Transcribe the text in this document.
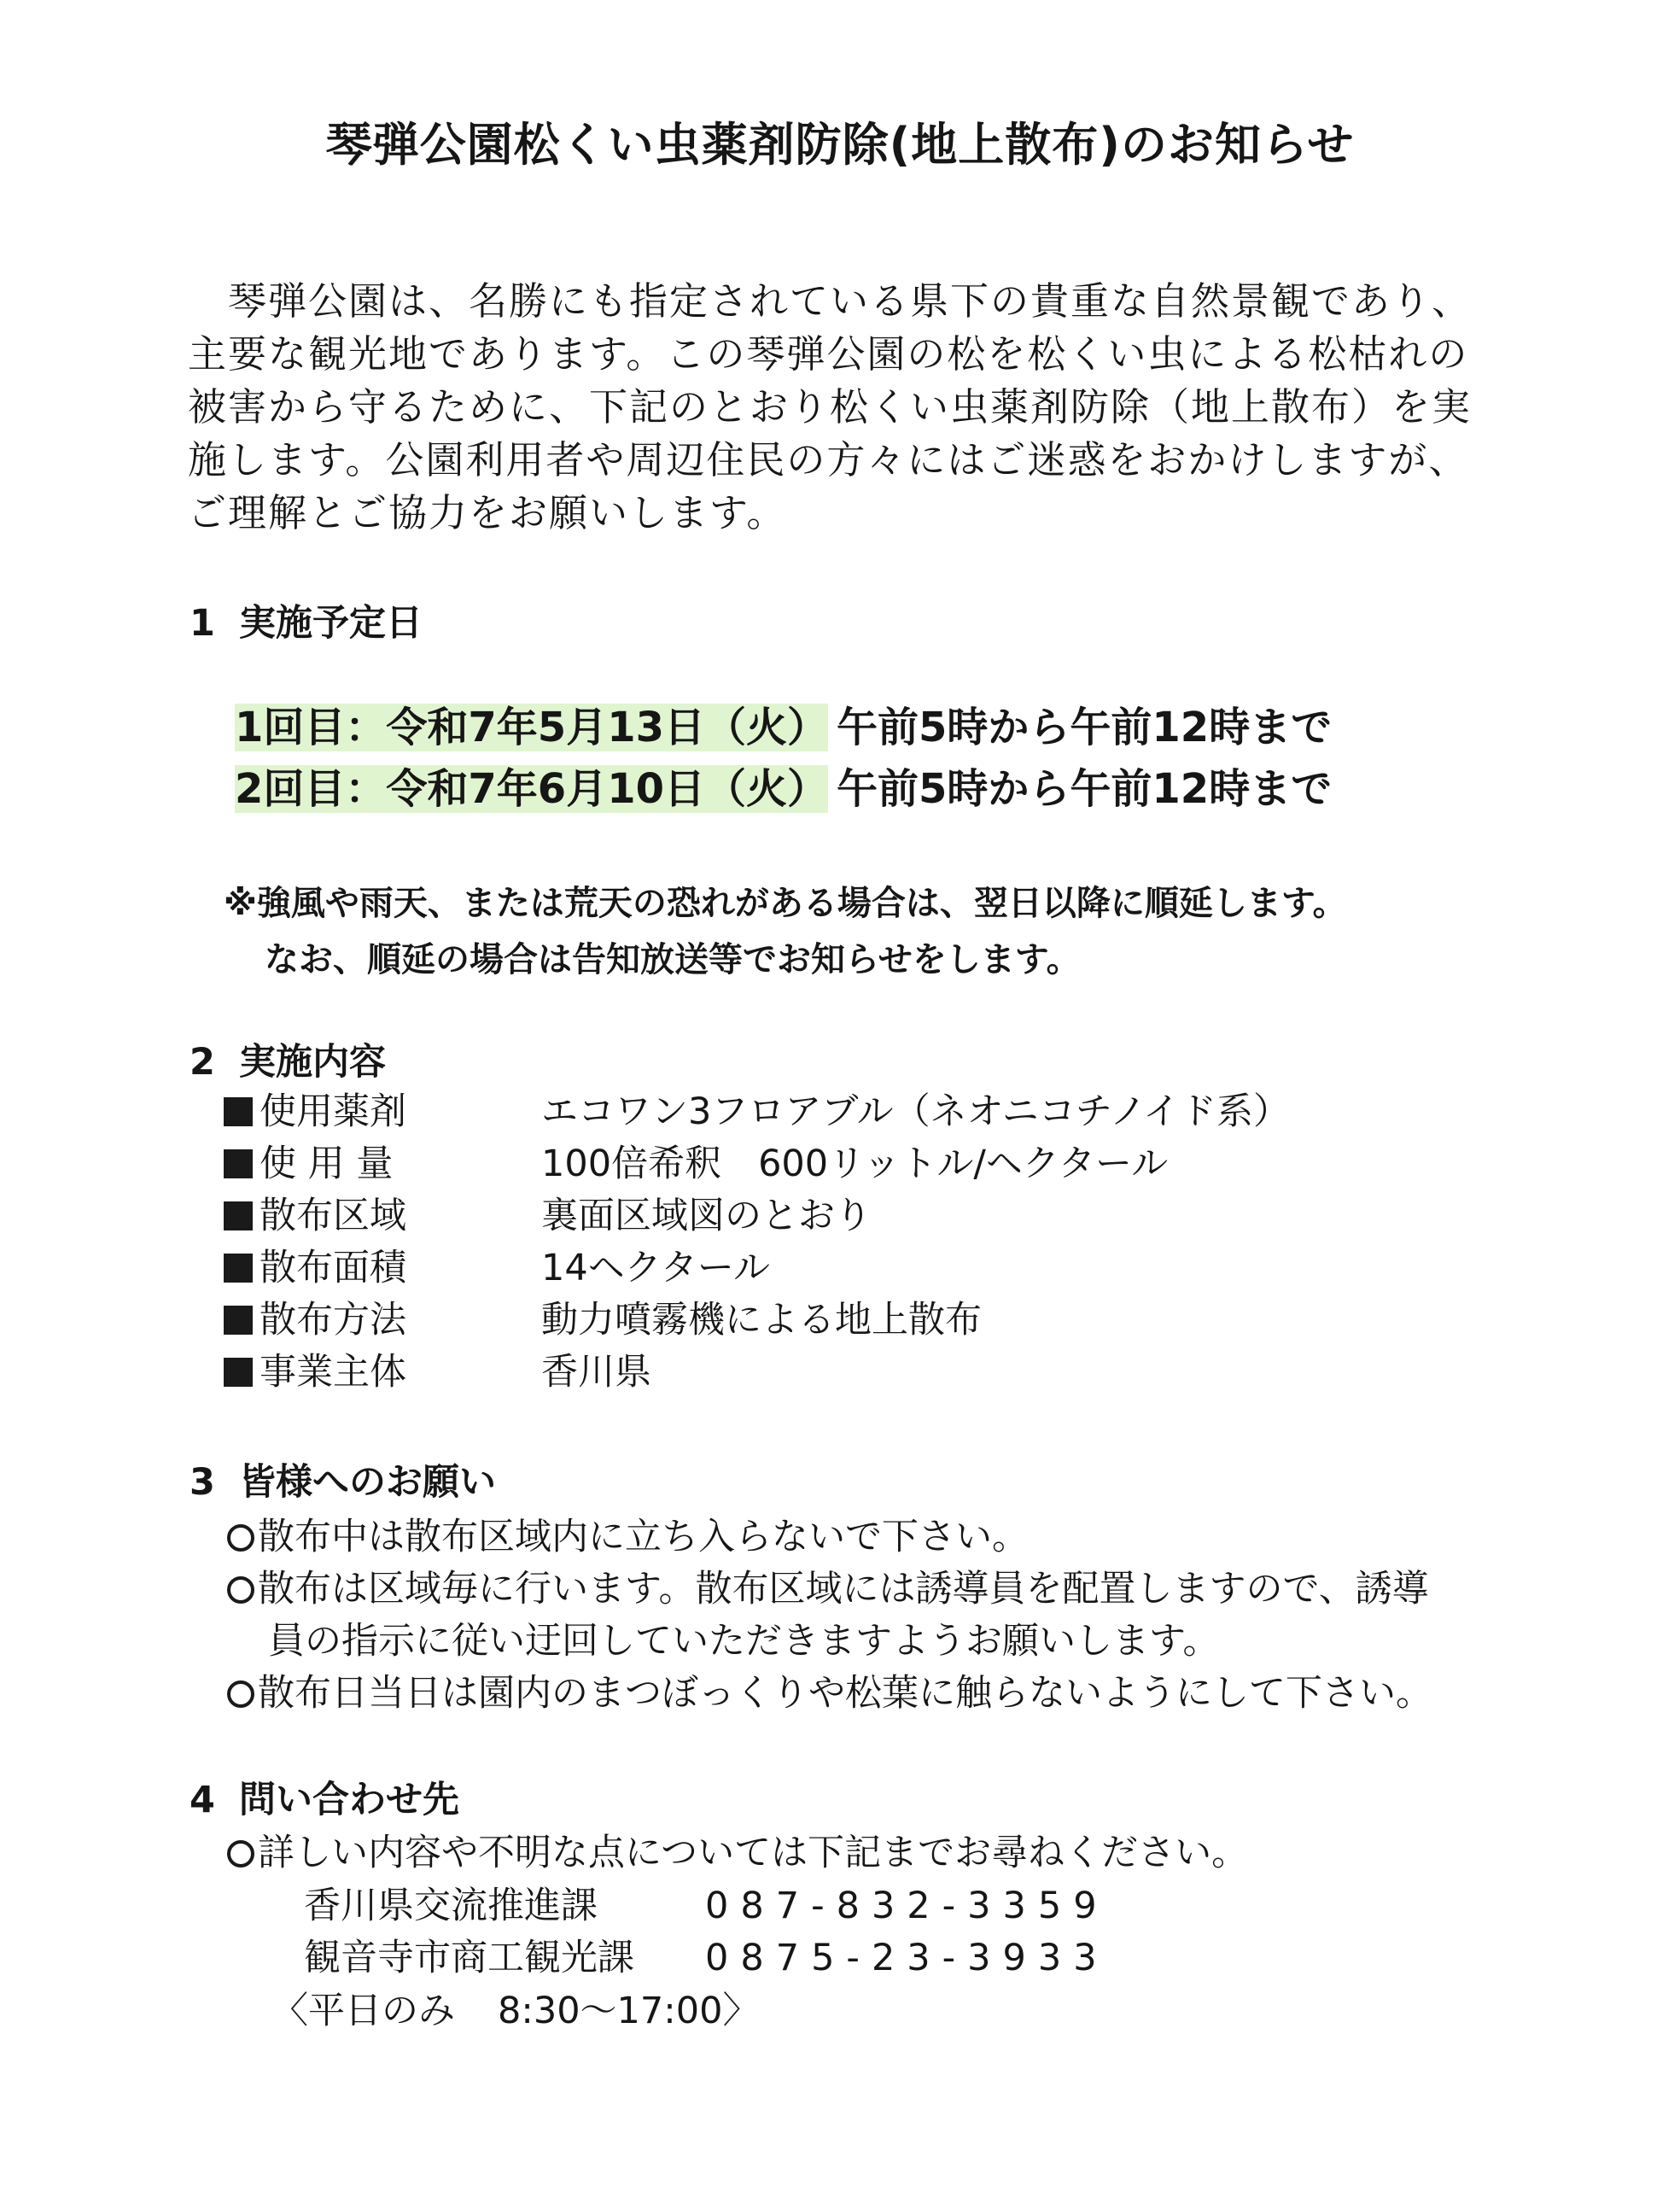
琴弾公園松くい虫薬剤防除(地上散布)のお知らせ
　琴弾公園は、名勝にも指定されている県下の貴重な自然景観であり、
主要な観光地であります。この琴弾公園の松を松くい虫による松枯れの
被害から守るために、下記のとおり松くい虫薬剤防除（地上散布）を実
施します。公園利用者や周辺住民の方々にはご迷惑をおかけしますが、
ご理解とご協力をお願いします。
1 実施予定日
1回目：令和7年5月13日（火） 午前5時から午前12時まで
2回目：令和7年6月10日（火） 午前5時から午前12時まで
※強風や雨天、または荒天の恐れがある場合は、翌日以降に順延します。
なお、順延の場合は告知放送等でお知らせをします。
2 実施内容
使用薬剤	エコワン3フロアブル（ネオニコチノイド系）
使 用 量	100倍希釈　600リットル/ヘクタール
散布区域	裏面区域図のとおり
散布面積	14ヘクタール
散布方法	動力噴霧機による地上散布
事業主体	香川県
3 皆様へのお願い
散布中は散布区域内に立ち入らないで下さい。
散布は区域毎に行います。散布区域には誘導員を配置しますので、誘導
員の指示に従い迂回していただきますようお願いします。
散布日当日は園内のまつぼっくりや松葉に触らないようにして下さい。
4 問い合わせ先
詳しい内容や不明な点については下記までお尋ねください。
香川県交流推進課	087-832-3359
観音寺市商工観光課 0875-23-3933
〈平日のみ 8:30～17:00〉
